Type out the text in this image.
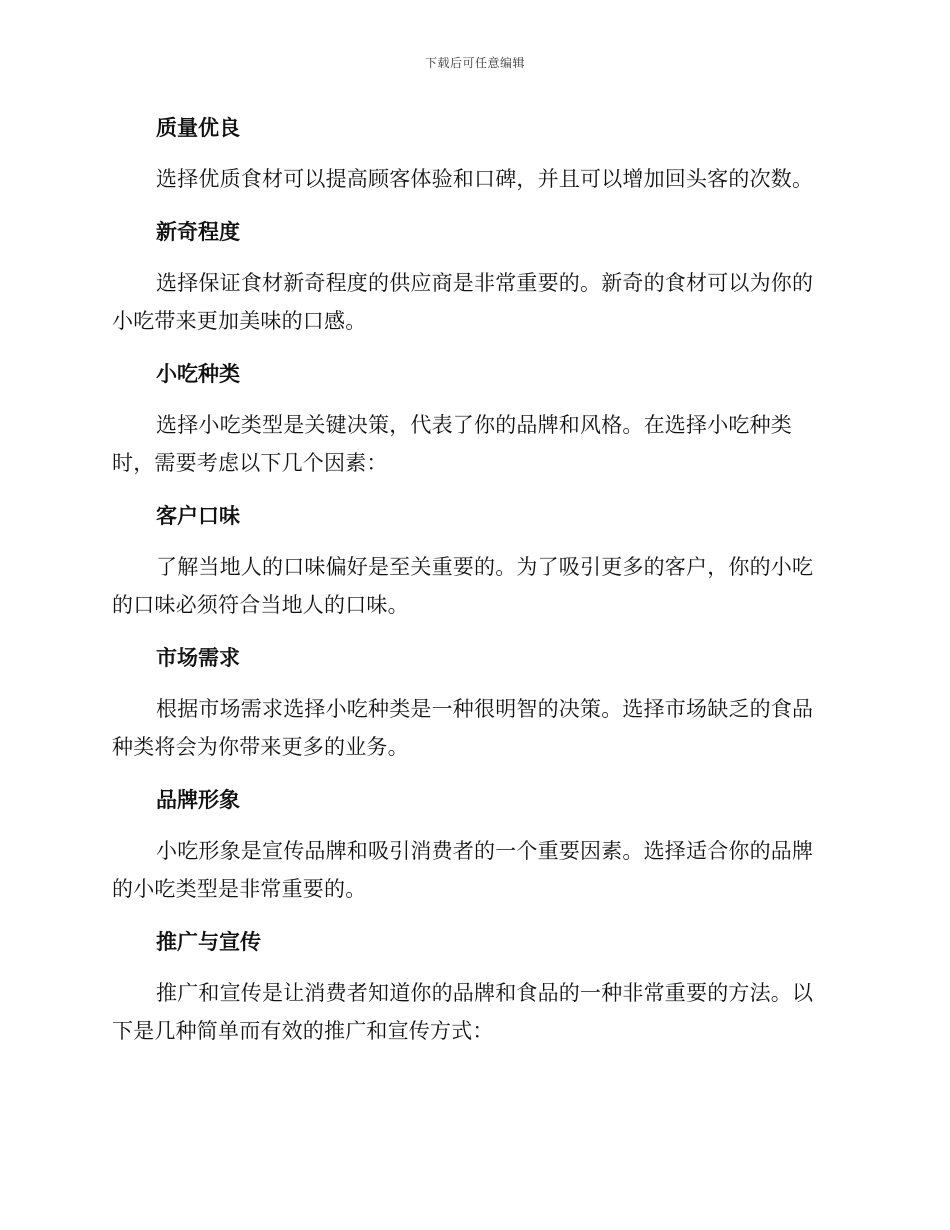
下载后可任意编辑
质量优良

选择优质食材可以提高顾客体验和口碑，并且可以增加回头客的次数。

新奇程度

选择保证食材新奇程度的供应商是非常重要的。新奇的食材可以为你的小吃带来更加美味的口感。

小吃种类

选择小吃类型是关键决策，代表了你的品牌和风格。在选择小吃种类时，需要考虑以下几个因素：

客户口味

了解当地人的口味偏好是至关重要的。为了吸引更多的客户，你的小吃的口味必须符合当地人的口味。

市场需求

根据市场需求选择小吃种类是一种很明智的决策。选择市场缺乏的食品种类将会为你带来更多的业务。

品牌形象

小吃形象是宣传品牌和吸引消费者的一个重要因素。选择适合你的品牌的小吃类型是非常重要的。

推广与宣传

推广和宣传是让消费者知道你的品牌和食品的一种非常重要的方法。以下是几种简单而有效的推广和宣传方式：
